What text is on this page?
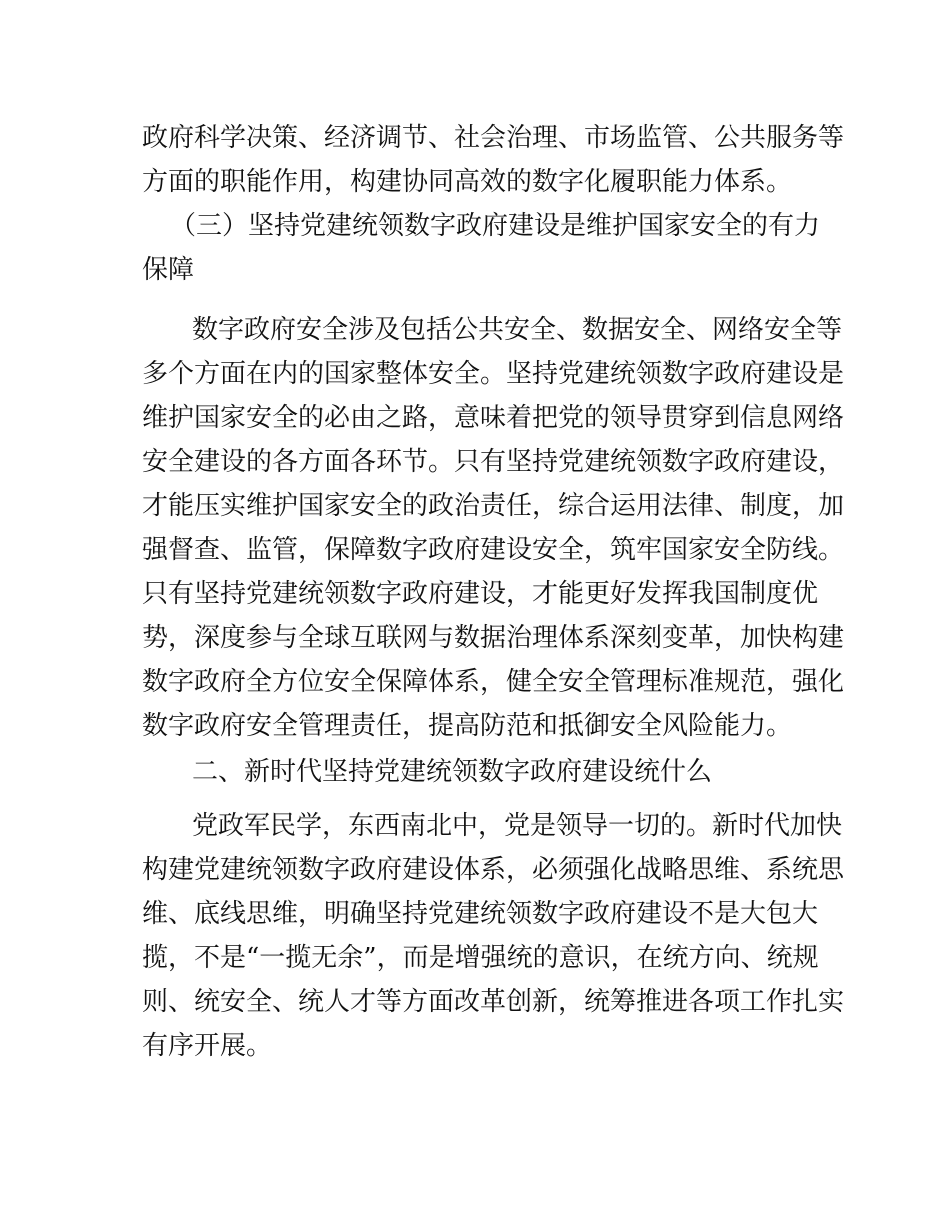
政府科学决策、经济调节、社会治理、市场监管、公共服务等

方面的职能作用，构建协同高效的数字化履职能力体系。

（三）坚持党建统领数字政府建设是维护国家安全的有力

保障

数字政府安全涉及包括公共安全、数据安全、网络安全等

多个方面在内的国家整体安全。坚持党建统领数字政府建设是

维护国家安全的必由之路，意味着把党的领导贯穿到信息网络

安全建设的各方面各环节。只有坚持党建统领数字政府建设，

才能压实维护国家安全的政治责任，综合运用法律、制度，加

强督查、监管，保障数字政府建设安全，筑牢国家安全防线。

只有坚持党建统领数字政府建设，才能更好发挥我国制度优

势，深度参与全球互联网与数据治理体系深刻变革，加快构建

数字政府全方位安全保障体系，健全安全管理标准规范，强化

数字政府安全管理责任，提高防范和抵御安全风险能力。

二、新时代坚持党建统领数字政府建设统什么

党政军民学，东西南北中，党是领导一切的。新时代加快

构建党建统领数字政府建设体系，必须强化战略思维、系统思

维、底线思维，明确坚持党建统领数字政府建设不是大包大

揽，不是“一揽无余”，而是增强统的意识，在统方向、统规

则、统安全、统人才等方面改革创新，统筹推进各项工作扎实

有序开展。
